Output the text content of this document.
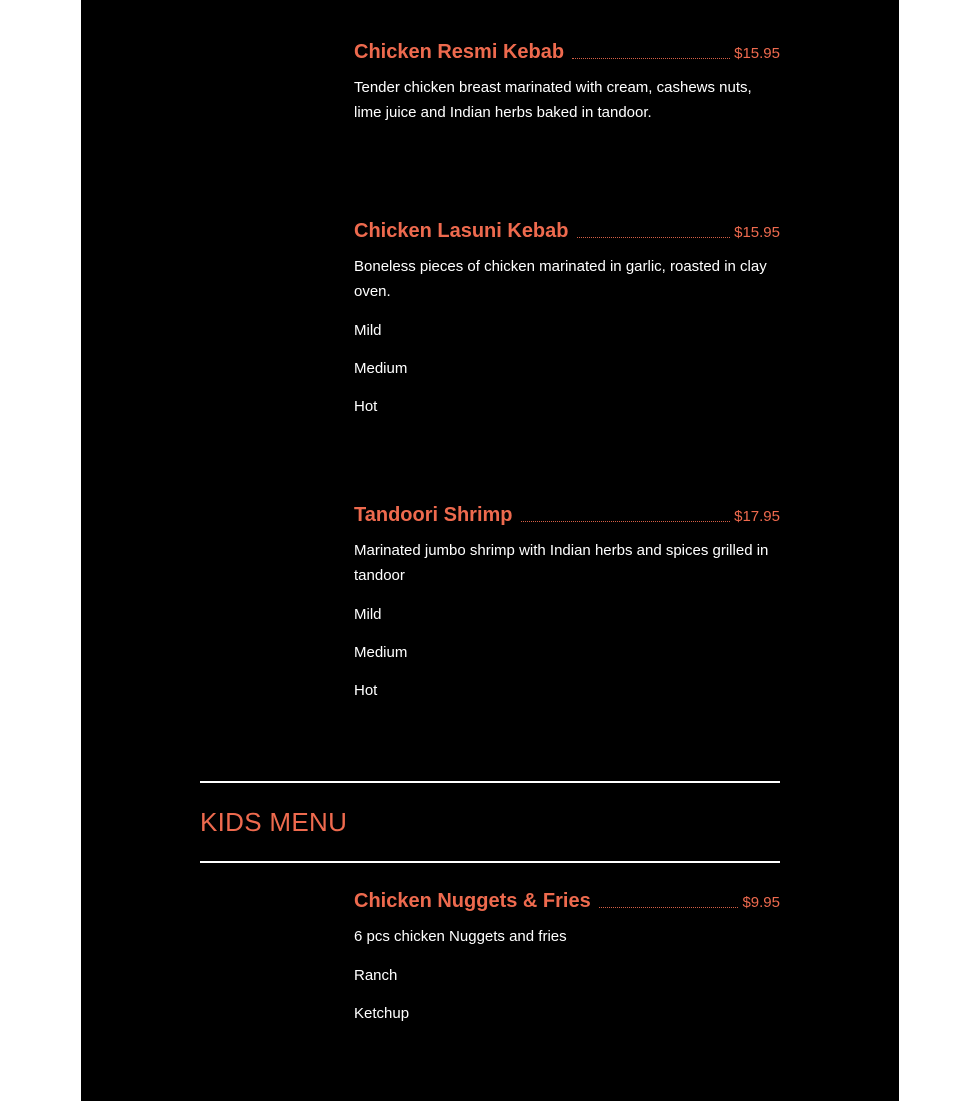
Chicken Resmi Kebab	$15.95
Tender chicken breast marinated with cream, cashews nuts, lime juice and Indian herbs baked in tandoor.
Chicken Lasuni Kebab	$15.95
Boneless pieces of chicken marinated in garlic, roasted in clay oven.
Mild
Medium
Hot
Tandoori Shrimp	$17.95
Marinated jumbo shrimp with Indian herbs and spices grilled in tandoor
Mild
Medium
Hot
KIDS MENU
Chicken Nuggets & Fries	$9.95
6 pcs chicken Nuggets and fries
Ranch
Ketchup
